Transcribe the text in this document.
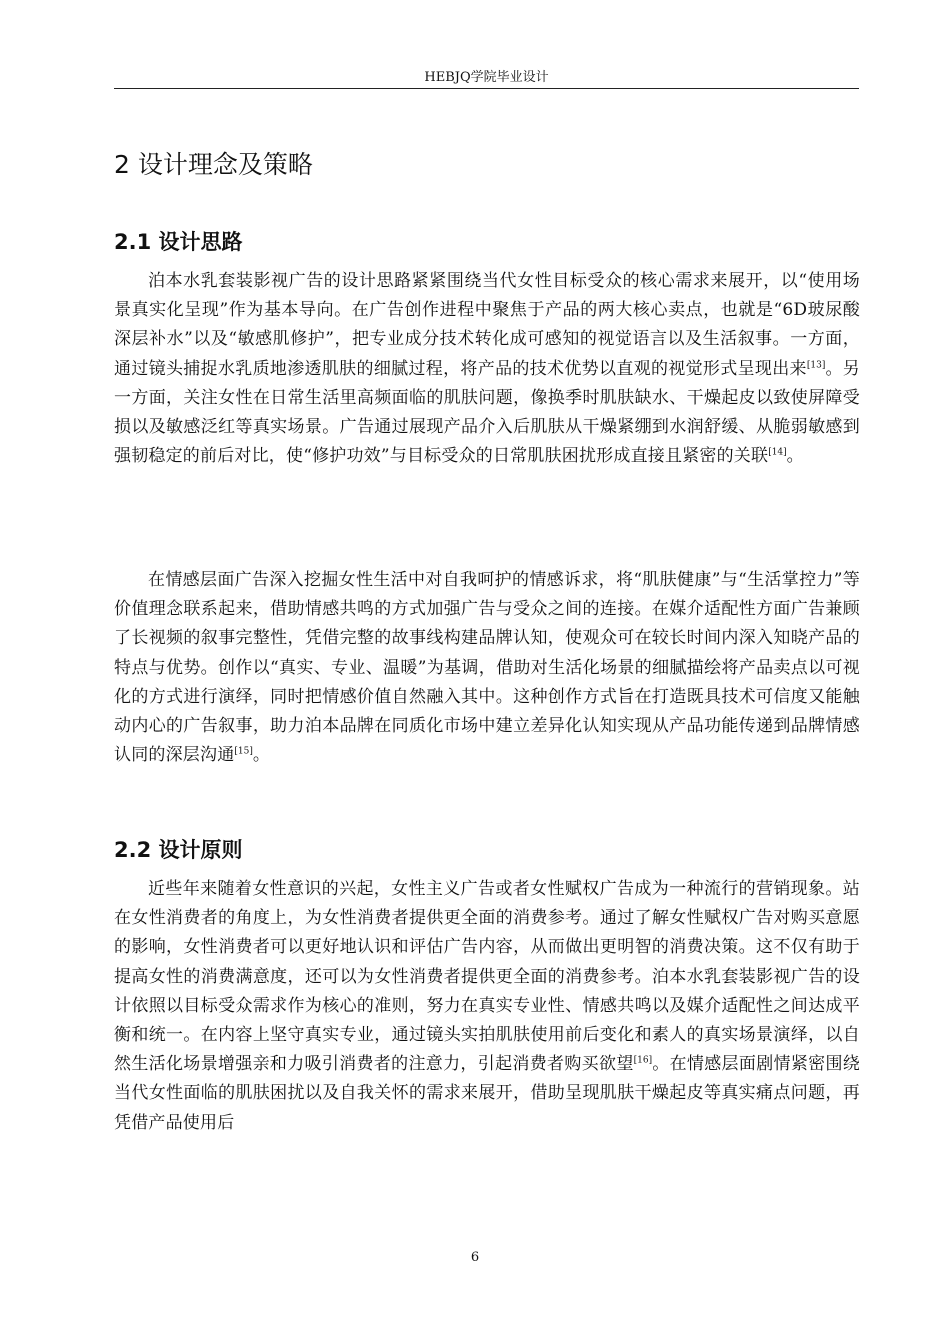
HEBJQ学院毕业设计
2 设计理念及策略
2.1 设计思路

泊本水乳套装影视广告的设计思路紧紧围绕当代女性目标受众的核心需求来展开，以“使用场景真实化呈现”作为基本导向。在广告创作进程中聚焦于产品的两大核心卖点，也就是“6D玻尿酸深层补水”以及“敏感肌修护”，把专业成分技术转化成可感知的视觉语言以及生活叙事。一方面，通过镜头捕捉水乳质地渗透肌肤的细腻过程，将产品的技术优势以直观的视觉形式呈现出来[13]。另一方面，关注女性在日常生活里高频面临的肌肤问题，像换季时肌肤缺水、干燥起皮以致使屏障受损以及敏感泛红等真实场景。广告通过展现产品介入后肌肤从干燥紧绷到水润舒缓、从脆弱敏感到强韧稳定的前后对比，使“修护功效”与目标受众的日常肌肤困扰形成直接且紧密的关联[14]。

在情感层面广告深入挖掘女性生活中对自我呵护的情感诉求，将“肌肤健康”与“生活掌控力”等价值理念联系起来，借助情感共鸣的方式加强广告与受众之间的连接。在媒介适配性方面广告兼顾了长视频的叙事完整性，凭借完整的故事线构建品牌认知，使观众可在较长时间内深入知晓产品的特点与优势。创作以“真实、专业、温暖”为基调，借助对生活化场景的细腻描绘将产品卖点以可视化的方式进行演绎，同时把情感价值自然融入其中。这种创作方式旨在打造既具技术可信度又能触动内心的广告叙事，助力泊本品牌在同质化市场中建立差异化认知实现从产品功能传递到品牌情感认同的深层沟通[15]。

2.2 设计原则

近些年来随着女性意识的兴起，女性主义广告或者女性赋权广告成为一种流行的营销现象。站在女性消费者的角度上，为女性消费者提供更全面的消费参考。通过了解女性赋权广告对购买意愿的影响，女性消费者可以更好地认识和评估广告内容，从而做出更明智的消费决策。这不仅有助于提高女性的消费满意度，还可以为女性消费者提供更全面的消费参考。泊本水乳套装影视广告的设计依照以目标受众需求作为核心的准则，努力在真实专业性、情感共鸣以及媒介适配性之间达成平衡和统一。在内容上坚守真实专业，通过镜头实拍肌肤使用前后变化和素人的真实场景演绎，以自然生活化场景增强亲和力吸引消费者的注意力，引起消费者购买欲望[16]。在情感层面剧情紧密围绕当代女性面临的肌肤困扰以及自我关怀的需求来展开，借助呈现肌肤干燥起皮等真实痛点问题，再凭借产品使用后

6
